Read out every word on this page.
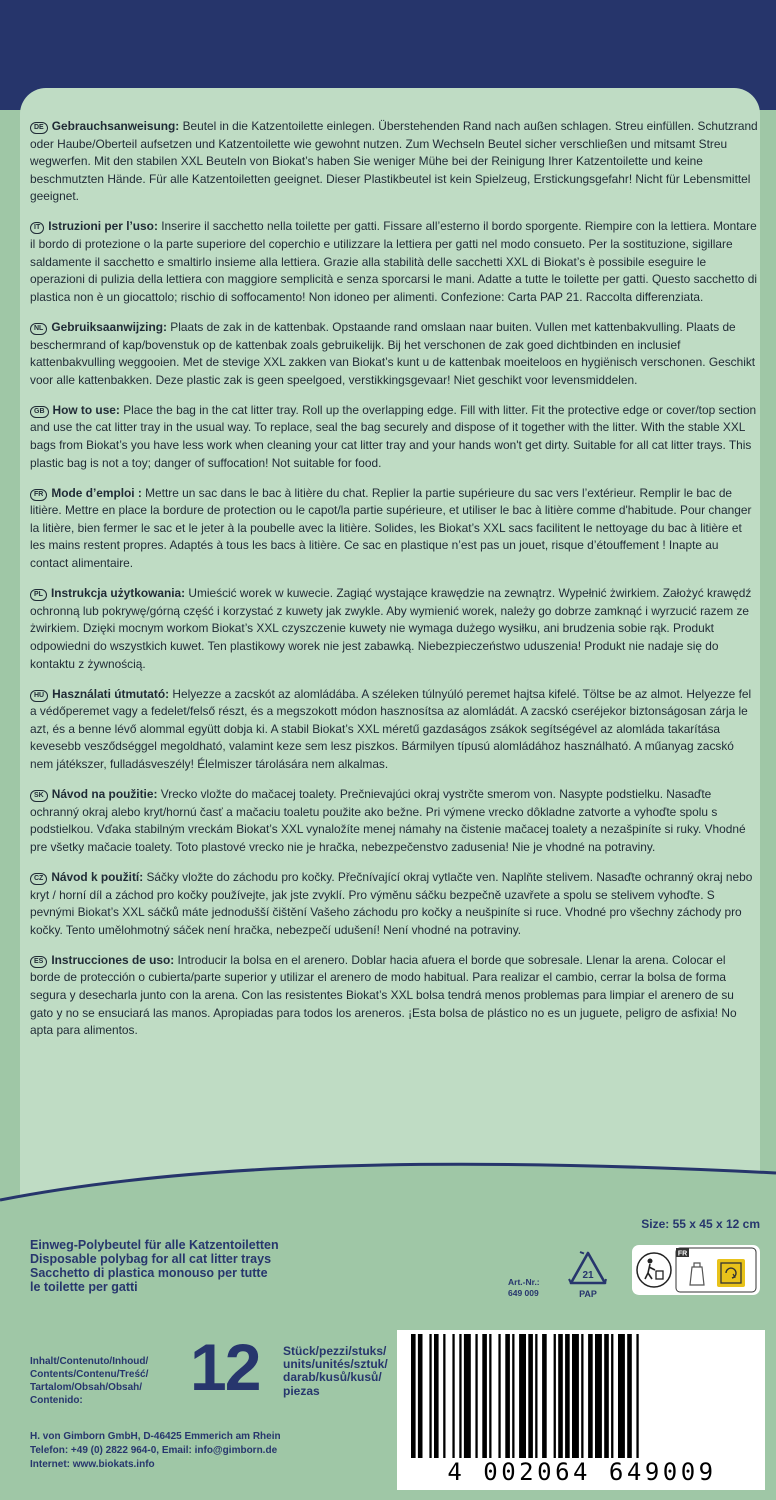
DE Gebrauchsanweisung: Beutel in die Katzentoilette einlegen. Überstehenden Rand nach außen schlagen. Streu einfüllen. Schutzrand oder Haube/Oberteil aufsetzen und Katzentoilette wie gewohnt nutzen. Zum Wechseln Beutel sicher verschließen und mitsamt Streu wegwerfen. Mit den stabilen XXL Beuteln von Biokat’s haben Sie weniger Mühe bei der Reinigung Ihrer Katzentoilette und keine beschmutzten Hände. Für alle Katzentoiletten geeignet. Dieser Plastikbeutel ist kein Spielzeug, Erstickungsgefahr! Nicht für Lebensmittel geeignet.

IT Istruzioni per l’uso: Inserire il sacchetto nella toilette per gatti. Fissare all’esterno il bordo sporgente. Riempire con la lettiera. Montare il bordo di protezione o la parte superiore del coperchio e utilizzare la lettiera per gatti nel modo consueto. Per la sostituzione, sigillare saldamente il sacchetto e smaltirlo insieme alla lettiera. Grazie alla stabilità delle sacchetti XXL di Biokat’s è possibile eseguire le operazioni di pulizia della lettiera con maggiore semplicità e senza sporcarsi le mani. Adatte a tutte le toilette per gatti. Questo sacchetto di plastica non è un giocattolo; rischio di soffocamento! Non idoneo per alimenti. Confezione: Carta PAP 21. Raccolta differenziata.

NL Gebruiksaanwijzing: Plaats de zak in de kattenbak. Opstaande rand omslaan naar buiten. Vullen met kattenbakvulling. Plaats de beschermrand of kap/bovenstuk op de kattenbak zoals gebruikelijk. Bij het verschonen de zak goed dichtbinden en inclusief kattenbakvulling weggooien. Met de stevige XXL zakken van Biokat’s kunt u de kattenbak moeiteloos en hygiënisch verschonen. Geschikt voor alle kattenbakken. Deze plastic zak is geen speelgoed, verstikkingsgevaar! Niet geschikt voor levensmiddelen.

GB How to use: Place the bag in the cat litter tray. Roll up the overlapping edge. Fill with litter. Fit the protective edge or cover/top section and use the cat litter tray in the usual way. To replace, seal the bag securely and dispose of it together with the litter. With the stable XXL bags from Biokat’s you have less work when cleaning your cat litter tray and your hands won't get dirty. Suitable for all cat litter trays. This plastic bag is not a toy; danger of suffocation! Not suitable for food.

FR Mode d’emploi : Mettre un sac dans le bac à litière du chat. Replier la partie supérieure du sac vers l’extérieur. Remplir le bac de litière. Mettre en place la bordure de protection ou le capot/la partie supérieure, et utiliser le bac à litière comme d'habitude. Pour changer la litière, bien fermer le sac et le jeter à la poubelle avec la litière. Solides, les Biokat’s XXL sacs facilitent le nettoyage du bac à litière et les mains restent propres. Adaptés à tous les bacs à litière. Ce sac en plastique n’est pas un jouet, risque d’étouffement ! Inapte au contact alimentaire.

PL Instrukcja użytkowania: Umieścić worek w kuwecie. Zagiąć wystające krawędzie na zewnątrz. Wypełnić żwirkiem. Założyć krawędź ochronną lub pokrywę/górną część i korzystać z kuwety jak zwykle. Aby wymienić worek, należy go dobrze zamknąć i wyrzucić razem ze żwirkiem. Dzięki mocnym workom Biokat’s XXL czyszczenie kuwety nie wymaga dużego wysiłku, ani brudzenia sobie rąk. Produkt odpowiedni do wszystkich kuwet. Ten plastikowy worek nie jest zabawką. Niebezpieczeństwo uduszenia! Produkt nie nadaje się do kontaktu z żywnością.

HU Használati útmutató: Helyezze a zacskót az alomládába. A széleken túlnyúló peremet hajtsa kifelé. Töltse be az almot. Helyezze fel a védőperemet vagy a fedelet/felső részt, és a megszokott módon hasznosítsa az alomládát. A zacskó cseréjekor biztonságosan zárja le azt, és a benne lévő alommal együtt dobja ki. A stabil Biokat’s XXL méretű gazdaságos zsákok segítségével az alomláda takarítása kevesebb vesződséggel megoldható, valamint keze sem lesz piszkos. Bármilyen típusú alomládához használható. A műanyag zacskó nem játékszer, fulladásveszély! Élelmiszer tárolására nem alkalmas.

SK Návod na použitie: Vrecko vložte do mačacej toalety. Prečnievajúci okraj vystrčte smerom von. Nasypte podstielku. Nasaďte ochranný okraj alebo kryt/hornú časť a mačaciu toaletu použite ako bežne. Pri výmene vrecko dôkladne zatvorte a vyhoďte spolu s podstielkou. Vďaka stabilným vreckám Biokat’s XXL vynaložíte menej námahy na čistenie mačacej toalety a nezašpiníte si ruky. Vhodné pre všetky mačacie toalety. Toto plastové vrecko nie je hračka, nebezpečenstvo zadusenia! Nie je vhodné na potraviny.

CZ Návod k použití: Sáčky vložte do záchodu pro kočky. Přečnívající okraj vytlačte ven. Naplňte stelivem. Nasaďte ochranný okraj nebo kryt / horní díl a záchod pro kočky používejte, jak jste zvyklí. Pro výměnu sáčku bezpečně uzavřete a spolu se stelivem vyhoďte. S pevnými Biokat’s XXL sáčků máte jednodušší čištění Vašeho záchodu pro kočky a neušpiníte si ruce. Vhodné pro všechny záchody pro kočky. Tento umělohmotný sáček není hračka, nebezpečí udušení! Není vhodné na potraviny.

ES Instrucciones de uso: Introducir la bolsa en el arenero. Doblar hacia afuera el borde que sobresale. Llenar la arena. Colocar el borde de protección o cubierta/parte superior y utilizar el arenero de modo habitual. Para realizar el cambio, cerrar la bolsa de forma segura y desecharla junto con la arena. Con las resistentes Biokat’s XXL bolsa tendrá menos problemas para limpiar el arenero de su gato y no se ensuciará las manos. Apropiadas para todos los areneros. ¡Esta bolsa de plástico no es un juguete, peligro de asfixia! No apta para alimentos.

Size: 55 x 45 x 12 cm
Einweg-Polybeutel für alle Katzentoiletten
Disposable polybag for all cat litter trays
Sacchetto di plastica monouso per tutte
le toilette per gatti	Art.-Nr.:
649 009
21
PAP
FR
Inhalt/Contenuto/Inhoud/
Contents/Contenu/Treść/
Tartalom/Obsah/Obsah/
Contenido:	12 Stück/pezzi/stuks/
units/unités/sztuk/
darab/kusů/kusů/
piezas
H. von Gimborn GmbH, D-46425 Emmerich am Rhein
Telefon: +49 (0) 2822 964-0, Email: info@gimborn.de
Internet: www.biokats.info	4 002064 649009
